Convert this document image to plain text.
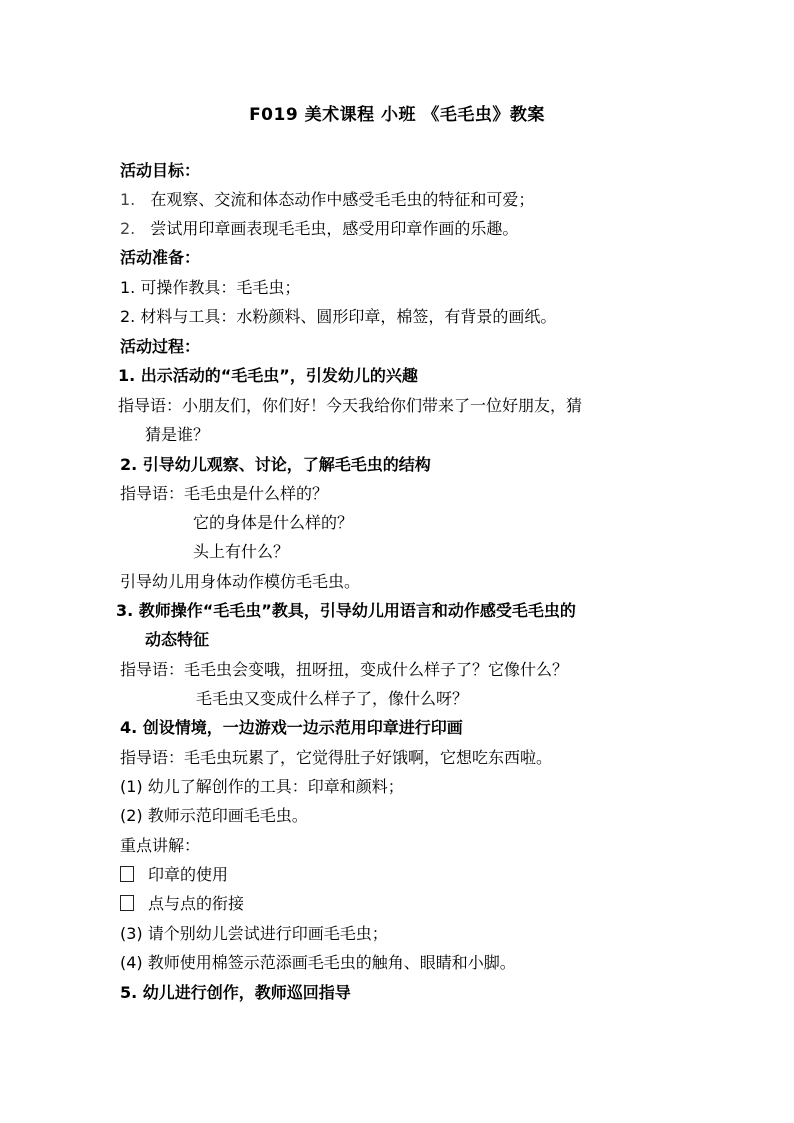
F019 美术课程 小班 《毛毛虫》教案
活动目标：
1. 在观察、交流和体态动作中感受毛毛虫的特征和可爱；
2. 尝试用印章画表现毛毛虫，感受用印章作画的乐趣。
活动准备：
1. 可操作教具：毛毛虫；
2. 材料与工具：水粉颜料、圆形印章，棉签，有背景的画纸。
活动过程：
1. 出示活动的“毛毛虫”，引发幼儿的兴趣
指导语：小朋友们，你们好！今天我给你们带来了一位好朋友，猜
猜是谁？
2. 引导幼儿观察、讨论，了解毛毛虫的结构
指导语：毛毛虫是什么样的？
它的身体是什么样的？
头上有什么？
引导幼儿用身体动作模仿毛毛虫。
3. 教师操作“毛毛虫”教具，引导幼儿用语言和动作感受毛毛虫的
动态特征
指导语：毛毛虫会变哦，扭呀扭，变成什么样子了？它像什么？
毛毛虫又变成什么样子了，像什么呀？
4. 创设情境，一边游戏一边示范用印章进行印画
指导语：毛毛虫玩累了，它觉得肚子好饿啊，它想吃东西啦。
(1) 幼儿了解创作的工具：印章和颜料；
(2) 教师示范印画毛毛虫。
重点讲解：
印章的使用
点与点的衔接
(3) 请个别幼儿尝试进行印画毛毛虫；
(4) 教师使用棉签示范添画毛毛虫的触角、眼睛和小脚。
5. 幼儿进行创作，教师巡回指导
